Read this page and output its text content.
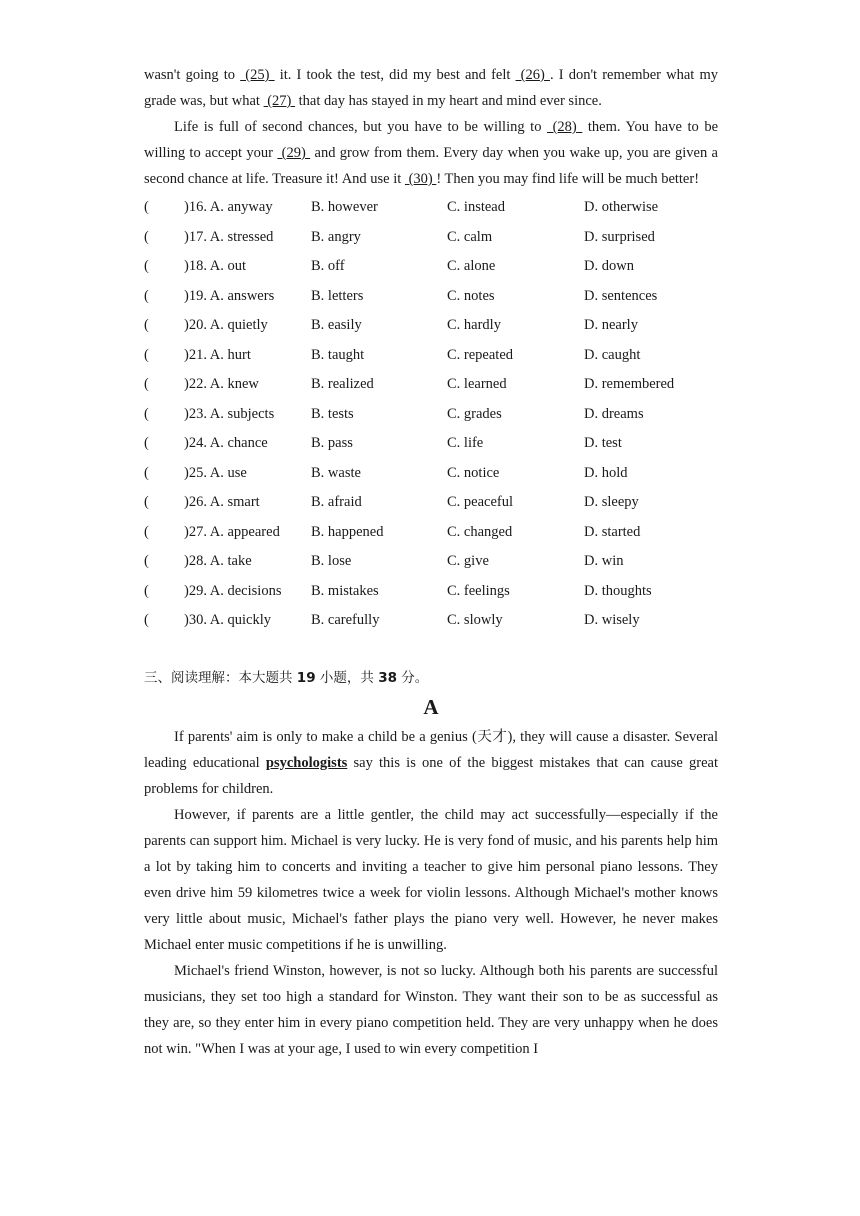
wasn't going to  (25)  it. I took the test, did my best and felt  (26) . I don't remember what my grade was, but what  (27)  that day has stayed in my heart and mind ever since.

Life is full of second chances, but you have to be willing to  (28)  them. You have to be willing to accept your  (29)  and grow from them. Every day when you wake up, you are given a second chance at life. Treasure it! And use it  (30) ! Then you may find life will be much better!

( )16. A. anyway	B. however	C. instead	D. otherwise
( )17. A. stressed	B. angry	C. calm	D. surprised
( )18. A. out	B. off	C. alone	D. down
( )19. A. answers	B. letters	C. notes	D. sentences
( )20. A. quietly	B. easily	C. hardly	D. nearly
( )21. A. hurt	B. taught	C. repeated	D. caught
( )22. A. knew	B. realized	C. learned	D. remembered
( )23. A. subjects	B. tests	C. grades	D. dreams
( )24. A. chance	B. pass	C. life	D. test
( )25. A. use	B. waste	C. notice	D. hold
( )26. A. smart	B. afraid	C. peaceful	D. sleepy
( )27. A. appeared B. happened	C. changed	D. started
( )28. A. take	B. lose	C. give	D. win
( )29. A. decisions B. mistakes	C. feelings	D. thoughts
( )30. A. quickly	B. carefully	C. slowly	D. wisely
三、阅读理解：本大题共 19 小题，共 38 分。
A

If parents' aim is only to make a child be a genius (天才), they will cause a disaster. Several leading educational psychologists say this is one of the biggest mistakes that can cause great problems for children.

However, if parents are a little gentler, the child may act successfully—especially if the parents can support him. Michael is very lucky. He is very fond of music, and his parents help him a lot by taking him to concerts and inviting a teacher to give him personal piano lessons. They even drive him 59 kilometres twice a week for violin lessons. Although Michael's mother knows very little about music, Michael's father plays the piano very well. However, he never makes Michael enter music competitions if he is unwilling.

Michael's friend Winston, however, is not so lucky. Although both his parents are successful musicians, they set too high a standard for Winston. They want their son to be as successful as they are, so they enter him in every piano competition held. They are very unhappy when he does not win. "When I was at your age, I used to win every competition I
